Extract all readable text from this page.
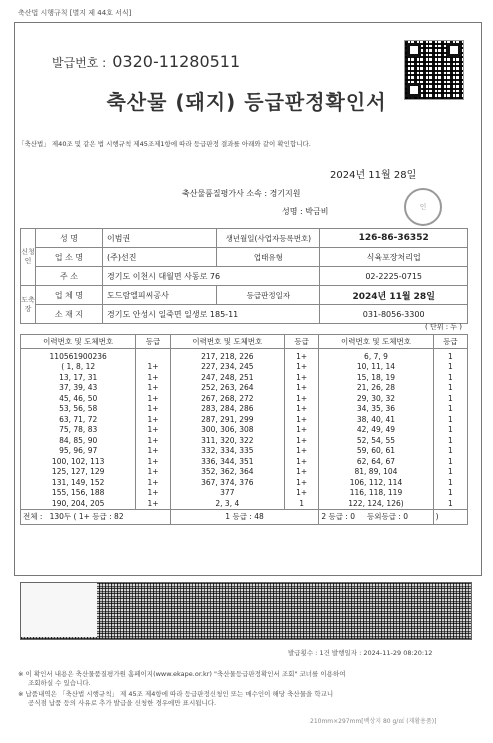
축산법 시행규칙 [별지 제 44호 서식]
발급번호 : 0320-11280511
축산물 (돼지) 등급판정확인서
「축산법」 제40조 및 같은 법 시행규칙 제45조제1항에 따라 등급판정 결과를 아래와 같이 확인합니다.
2024년 11월 28일
축산물품질평가사 소속 : 경기지원
성명 : 박금비	인
신청인	성 명	이범권	생년월일(사업자등록번호)	126-86-36352
	업 소 명	(주)선진	업태유형	식육포장처리업
	주 소	경기도 이천시 대월면 사동로 76		02-2225-0715
도축장	업 체 명	도드람엘피씨공사	등급판정일자	2024년 11월 28일
	소 재 지	경기도 안성시 일죽면 일생로 185-11		031-8056-3300
( 단위 : 두 )
이력번호 및 도체번호	등급	이력번호 및 도체번호	등급	이력번호 및 도체번호	등급
110561900236		217, 218, 226	1+	6, 7, 9	1
( 1, 8, 12	1+	227, 234, 245	1+	10, 11, 14	1
13, 17, 31	1+	247, 248, 251	1+	15, 18, 19	1
37, 39, 43	1+	252, 263, 264	1+	21, 26, 28	1
45, 46, 50	1+	267, 268, 272	1+	29, 30, 32	1
53, 56, 58	1+	283, 284, 286	1+	34, 35, 36	1
63, 71, 72	1+	287, 291, 299	1+	38, 40, 41	1
75, 78, 83	1+	300, 306, 308	1+	42, 49, 49	1
84, 85, 90	1+	311, 320, 322	1+	52, 54, 55	1
95, 96, 97	1+	332, 334, 335	1+	59, 60, 61	1
100, 102, 113	1+	336, 344, 351	1+	62, 64, 67	1
125, 127, 129	1+	352, 362, 364	1+	81, 89, 104	1
131, 149, 152	1+	367, 374, 376	1+	106, 112, 114	1
155, 156, 188	1+	377	1+	116, 118, 119	1
190, 204, 205	1+	2, 3, 4	1	122, 124, 126)	1
전체 : 130두 ( 1+ 등급 : 82		1 등급 : 48		2 등급 : 0 등외등급 : 0	)
발급횟수 : 1건 발행일자 : 2024-11-29 08:20:12
※ 이 확인서 내용은 축산물품질평가원 홈페이지(www.ekape.or.kr) "축산물등급판정확인서 조회" 코너를 이용하여
조회하실 수 있습니다.
※ 납품내역은 「축산법 시행규칙」 제 45조 제4항에 따라 등급판정신청인 또는 매수인이 해당 축산물을 학교니
공식점 납품 등의 사유로 추가 발급을 신청한 경우에만 표시됩니다.
210mm×297mm[백상지 80 g/㎡ (재활용품)]
